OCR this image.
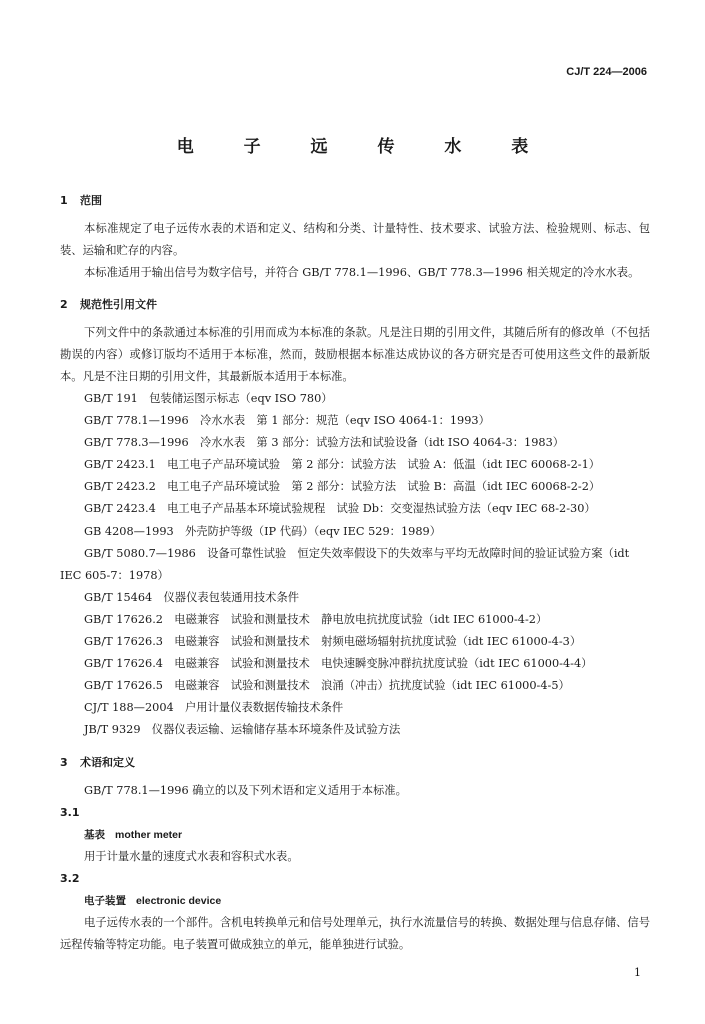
CJ/T 224—2006
电 子 远 传 水 表

1 范围

本标准规定了电子远传水表的术语和定义、结构和分类、计量特性、技术要求、试验方法、检验规则、标志、包装、运输和贮存的内容。

本标准适用于输出信号为数字信号，并符合 GB/T 778.1—1996、GB/T 778.3—1996 相关规定的冷水水表。

2 规范性引用文件

下列文件中的条款通过本标准的引用而成为本标准的条款。凡是注日期的引用文件，其随后所有的修改单（不包括勘误的内容）或修订版均不适用于本标准，然而，鼓励根据本标准达成协议的各方研究是否可使用这些文件的最新版本。凡是不注日期的引用文件，其最新版本适用于本标准。

GB/T 191　包装储运图示标志（eqv ISO 780）

GB/T 778.1—1996　冷水水表　第 1 部分：规范（eqv ISO 4064-1：1993）

GB/T 778.3—1996　冷水水表　第 3 部分：试验方法和试验设备（idt ISO 4064-3：1983）

GB/T 2423.1　电工电子产品环境试验　第 2 部分：试验方法　试验 A：低温（idt IEC 60068-2-1）

GB/T 2423.2　电工电子产品环境试验　第 2 部分：试验方法　试验 B：高温（idt IEC 60068-2-2）

GB/T 2423.4　电工电子产品基本环境试验规程　试验 Db：交变湿热试验方法（eqv IEC 68-2-30）

GB 4208—1993　外壳防护等级（IP 代码）（eqv IEC 529：1989）

GB/T 5080.7—1986　设备可靠性试验　恒定失效率假设下的失效率与平均无故障时间的验证试验方案（idt IEC 605-7：1978）

GB/T 15464　仪器仪表包装通用技术条件

GB/T 17626.2　电磁兼容　试验和测量技术　静电放电抗扰度试验（idt IEC 61000-4-2）

GB/T 17626.3　电磁兼容　试验和测量技术　射频电磁场辐射抗扰度试验（idt IEC 61000-4-3）

GB/T 17626.4　电磁兼容　试验和测量技术　电快速瞬变脉冲群抗扰度试验（idt IEC 61000-4-4）

GB/T 17626.5　电磁兼容　试验和测量技术　浪涌（冲击）抗扰度试验（idt IEC 61000-4-5）

CJ/T 188—2004　户用计量仪表数据传输技术条件

JB/T 9329　仪器仪表运输、运输储存基本环境条件及试验方法

3 术语和定义

GB/T 778.1—1996 确立的以及下列术语和定义适用于本标准。

3.1

基表 mother meter

用于计量水量的速度式水表和容积式水表。

3.2

电子装置 electronic device

电子远传水表的一个部件。含机电转换单元和信号处理单元，执行水流量信号的转换、数据处理与信息存储、信号远程传输等特定功能。电子装置可做成独立的单元，能单独进行试验。

1
